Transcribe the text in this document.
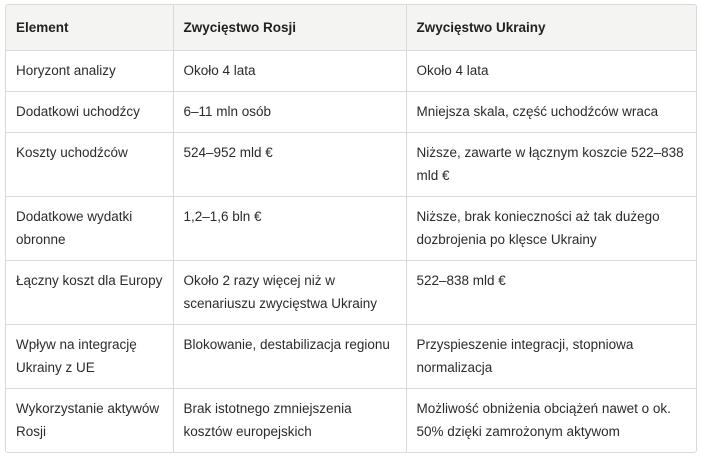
Element	Zwycięstwo Rosji	Zwycięstwo Ukrainy
Horyzont analizy	Około 4 lata	Około 4 lata
Dodatkowi uchodźcy	6–11 mln osób	Mniejsza skala, część uchodźców wraca
Koszty uchodźców	524–952 mld €	Niższe, zawarte w łącznym koszcie 522–838 mld €
Dodatkowe wydatki obronne	1,2–1,6 bln €	Niższe, brak konieczności aż tak dużego dozbrojenia po klęsce Ukrainy
Łączny koszt dla Europy	Około 2 razy więcej niż w scenariuszu zwycięstwa Ukrainy	522–838 mld €
Wpływ na integrację Ukrainy z UE	Blokowanie, destabilizacja regionu	Przyspieszenie integracji, stopniowa normalizacja
Wykorzystanie aktywów Rosji	Brak istotnego zmniejszenia kosztów europejskich	Możliwość obniżenia obciążeń nawet o ok. 50% dzięki zamrożonym aktywom
